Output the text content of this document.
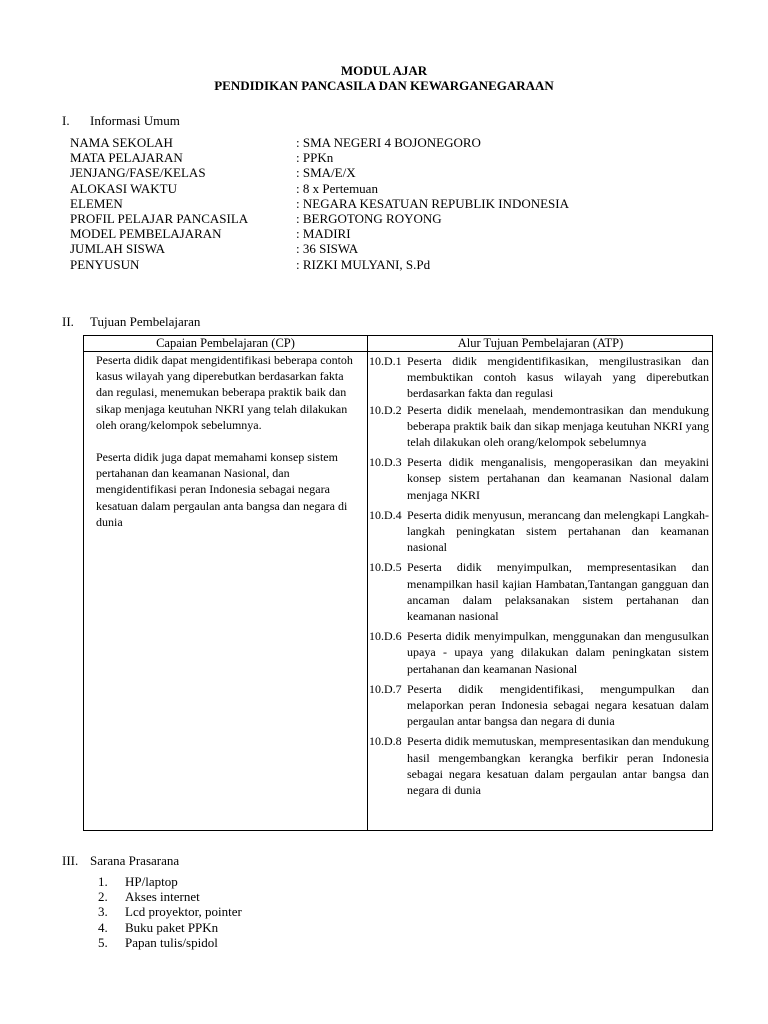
MODUL AJAR
PENDIDIKAN PANCASILA DAN KEWARGANEGARAAN
I. Informasi Umum
NAMA SEKOLAH	: SMA NEGERI 4 BOJONEGORO
MATA PELAJARAN	: PPKn
JENJANG/FASE/KELAS	: SMA/E/X
ALOKASI WAKTU	: 8 x Pertemuan
ELEMEN	: NEGARA KESATUAN REPUBLIK INDONESIA
PROFIL PELAJAR PANCASILA	: BERGOTONG ROYONG
MODEL PEMBELAJARAN	: MADIRI
JUMLAH SISWA	: 36 SISWA
PENYUSUN	: RIZKI MULYANI, S.Pd
II. Tujuan Pembelajaran
Capaian Pembelajaran (CP)	Alur Tujuan Pembelajaran (ATP)

Peserta didik dapat mengidentifikasi beberapa contoh kasus wilayah yang diperebutkan berdasarkan fakta dan regulasi, menemukan beberapa praktik baik dan sikap menjaga keutuhan NKRI yang telah dilakukan oleh orang/kelompok sebelumnya.

Peserta didik juga dapat memahami konsep sistem pertahanan dan keamanan Nasional, dan mengidentifikasi peran Indonesia sebagai negara kesatuan dalam pergaulan anta bangsa dan negara di dunia

10.D.1 Peserta didik mengidentifikasikan, mengilustrasikan dan membuktikan contoh kasus wilayah yang diperebutkan berdasarkan fakta dan regulasi
10.D.2 Peserta didik menelaah, mendemontrasikan dan mendukung beberapa praktik baik dan sikap menjaga keutuhan NKRI yang telah dilakukan oleh orang/kelompok sebelumnya
10.D.3 Peserta didik menganalisis, mengoperasikan dan meyakini konsep sistem pertahanan dan keamanan Nasional dalam menjaga NKRI
10.D.4 Peserta didik menyusun, merancang dan melengkapi Langkah-langkah peningkatan sistem pertahanan dan keamanan nasional
10.D.5 Peserta didik menyimpulkan, mempresentasikan dan menampilkan hasil kajian Hambatan,Tantangan gangguan dan ancaman dalam pelaksanakan sistem pertahanan dan keamanan nasional
10.D.6 Peserta didik menyimpulkan, menggunakan dan mengusulkan upaya - upaya yang dilakukan dalam peningkatan sistem pertahanan dan keamanan Nasional
10.D.7 Peserta didik mengidentifikasi, mengumpulkan dan melaporkan peran Indonesia sebagai negara kesatuan dalam pergaulan antar bangsa dan negara di dunia
10.D.8 Peserta didik memutuskan, mempresentasikan dan mendukung hasil mengembangkan kerangka berfikir peran Indonesia sebagai negara kesatuan dalam pergaulan antar bangsa dan negara di dunia
III. Sarana Prasarana
1. HP/laptop
2. Akses internet
3. Lcd proyektor, pointer
4. Buku paket PPKn
5. Papan tulis/spidol
